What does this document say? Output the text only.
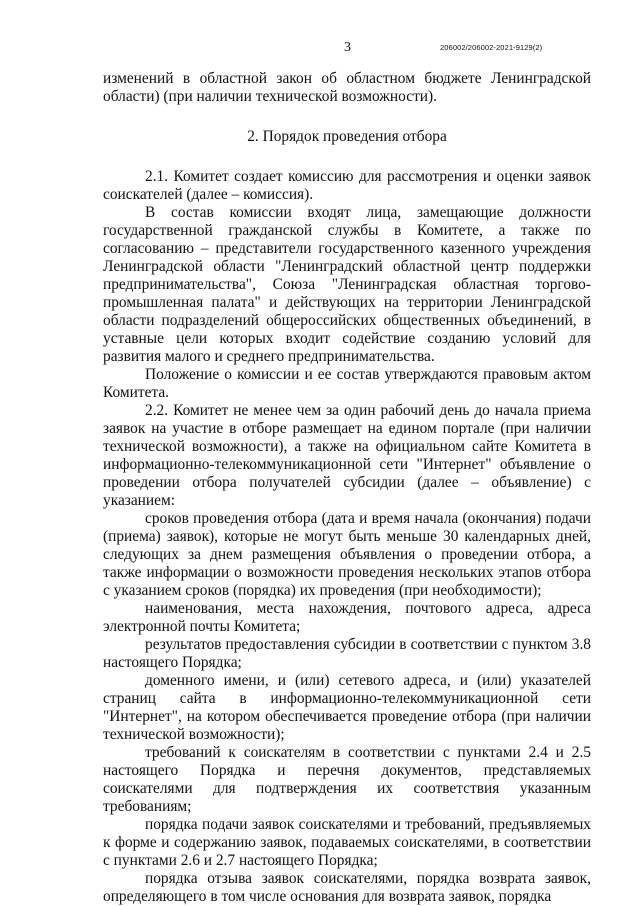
3	206002/206002-2021-9129(2)

изменений в областной закон об областном бюджете Ленинградской области) (при наличии технической возможности).

2. Порядок проведения отбора

2.1. Комитет создает комиссию для рассмотрения и оценки заявок соискателей (далее – комиссия).

В состав комиссии входят лица, замещающие должности государственной гражданской службы в Комитете, а также по согласованию – представители государственного казенного учреждения Ленинградской области "Ленинградский областной центр поддержки предпринимательства", Союза "Ленинградская областная торгово-промышленная палата" и действующих на территории Ленинградской области подразделений общероссийских общественных объединений, в уставные цели которых входит содействие созданию условий для развития малого и среднего предпринимательства.

Положение о комиссии и ее состав утверждаются правовым актом Комитета.

2.2. Комитет не менее чем за один рабочий день до начала приема заявок на участие в отборе размещает на едином портале (при наличии технической возможности), а также на официальном сайте Комитета в информационно-телекоммуникационной сети "Интернет" объявление о проведении отбора получателей субсидии (далее – объявление) с указанием:

сроков проведения отбора (дата и время начала (окончания) подачи (приема) заявок), которые не могут быть меньше 30 календарных дней, следующих за днем размещения объявления о проведении отбора, а также информации о возможности проведения нескольких этапов отбора с указанием сроков (порядка) их проведения (при необходимости);

наименования, места нахождения, почтового адреса, адреса электронной почты Комитета;

результатов предоставления субсидии в соответствии с пунктом 3.8 настоящего Порядка;

доменного имени, и (или) сетевого адреса, и (или) указателей страниц сайта в информационно-телекоммуникационной сети "Интернет", на котором обеспечивается проведение отбора (при наличии технической возможности);

требований к соискателям в соответствии с пунктами 2.4 и 2.5 настоящего Порядка и перечня документов, представляемых соискателями для подтверждения их соответствия указанным требованиям;

порядка подачи заявок соискателями и требований, предъявляемых к форме и содержанию заявок, подаваемых соискателями, в соответствии с пунктами 2.6 и 2.7 настоящего Порядка;

порядка отзыва заявок соискателями, порядка возврата заявок, определяющего в том числе основания для возврата заявок, порядка
